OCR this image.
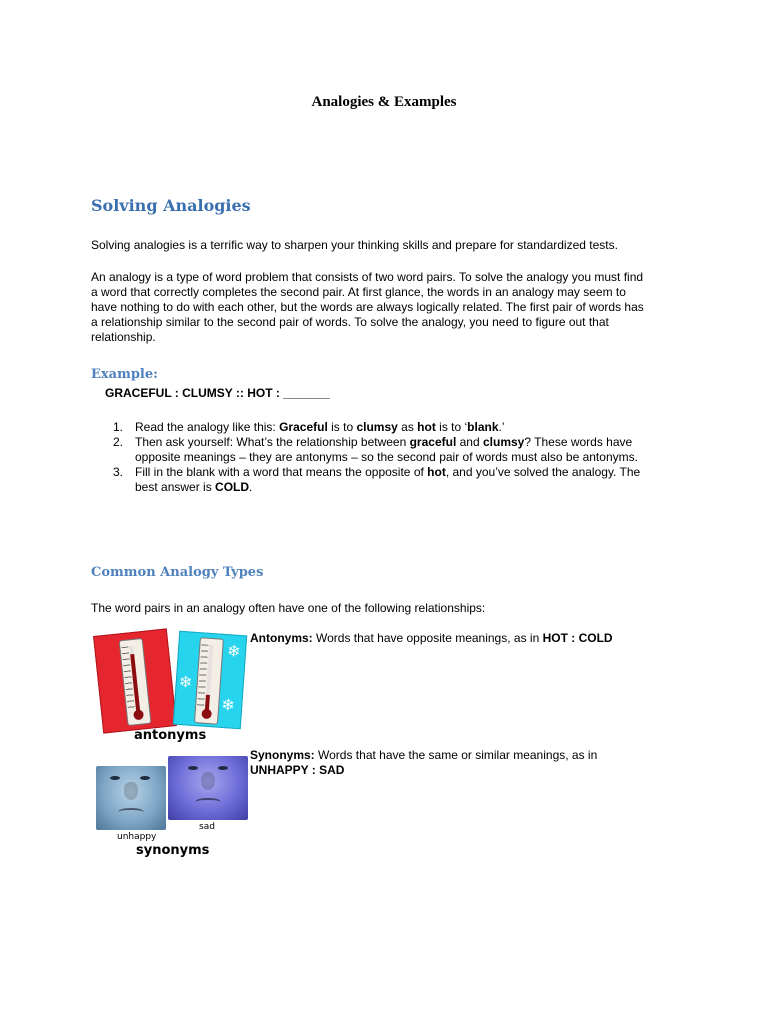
Analogies & Examples
Solving Analogies
Solving analogies is a terrific way to sharpen your thinking skills and prepare for standardized tests.
An analogy is a type of word problem that consists of two word pairs. To solve the analogy you must find
a word that correctly completes the second pair. At first glance, the words in an analogy may seem to
have nothing to do with each other, but the words are always logically related. The first pair of words has
a relationship similar to the second pair of words. To solve the analogy, you need to figure out that
relationship.
Example:
GRACEFUL : CLUMSY :: HOT : _______
1. Read the analogy like this: Graceful is to clumsy as hot is to ‘blank.’
2. Then ask yourself: What’s the relationship between graceful and clumsy? These words have
opposite meanings – they are antonyms – so the second pair of words must also be antonyms.
3. Fill in the blank with a word that means the opposite of hot, and you’ve solved the analogy. The
best answer is COLD.
Common Analogy Types
The word pairs in an analogy often have one of the following relationships:
❄
❄
❄
antonyms
Antonyms: Words that have opposite meanings, as in HOT : COLD
unhappy
sad
synonyms
Synonyms: Words that have the same or similar meanings, as in
UNHAPPY : SAD
